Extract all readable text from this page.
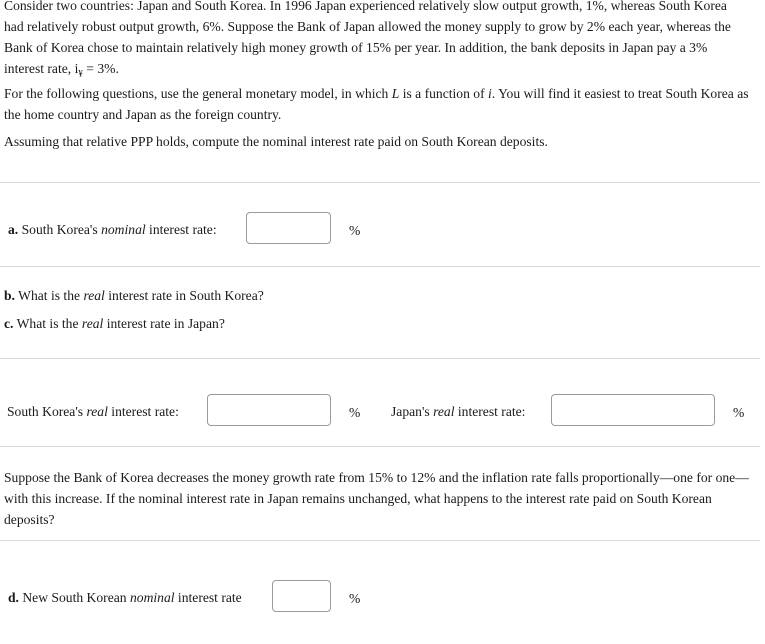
Consider two countries: Japan and South Korea. In 1996 Japan experienced relatively slow output growth, 1%, whereas South Korea had relatively robust output growth, 6%. Suppose the Bank of Japan allowed the money supply to grow by 2% each year, whereas the Bank of Korea chose to maintain relatively high money growth of 15% per year. In addition, the bank deposits in Japan pay a 3% interest rate, $i_¥ = 3\%$.

For the following questions, use the general monetary model, in which L is a function of i. You will find it easiest to treat South Korea as the home country and Japan as the foreign country.

Assuming that relative PPP holds, compute the nominal interest rate paid on South Korean deposits.

a. South Korea's nominal interest rate:	%
b. What is the real interest rate in South Korea?
c. What is the real interest rate in Japan?
South Korea's real interest rate:	% Japan's real interest rate:	%

Suppose the Bank of Korea decreases the money growth rate from 15% to 12% and the inflation rate falls proportionally—one for one—with this increase. If the nominal interest rate in Japan remains unchanged, what happens to the interest rate paid on South Korean deposits?

d. New South Korean nominal interest rate	%
